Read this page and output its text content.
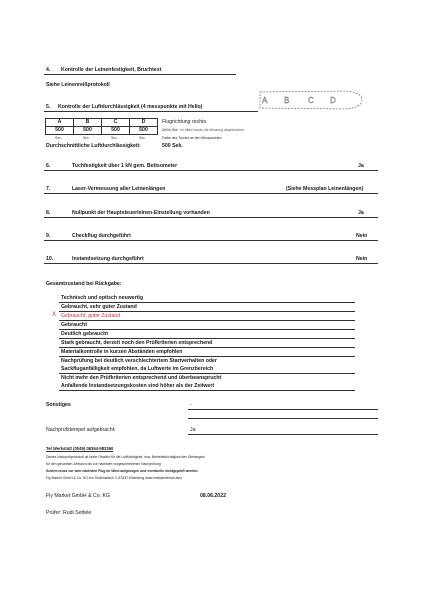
4. Kontrolle der Leinenfestigkeit, Bruchtest
Siehe Leinenreißprotokoll
A B C D
5. Kontrolle der Luftdurchlässigkeit (4 messpunkte mit Hello)
A	B	C	D
500	500	500	500
Sec.	Sec.	Sec.	Sec.
Flugrichtung rechts
Zell in Sek. Im Mittel wurde die Messung abgebrochen
Farbe des Tuches an den Messpunkten
Durchschnittliche Luftdurchlässigkeit:	500 Sek.
6.	Tuchfestigkeit über 1 kN gem. Bettsometer	Ja
7.	Laser-Vermessung aller Leinenlängen	(Siehe Messplan Leinenlängen)
8.	Nullpunkt der Hauptsteuerleinen-Einstellung vorhanden	Ja
9.	Checkflug durchgeführt	Nein
10.	Instandsetzung durchgeführt	Nein
Gesamtzustand bei Rückgabe:
X
Technisch und optisch neuwertig
Gebraucht, sehr guter Zustand
Gebraucht, guter Zustand
Gebraucht
Deutlich gebraucht
Stark gebraucht, derzeit noch den Prüfkriterien entsprechend
Materialkontrolle in kurzen Abständen empfohlen
Nachprüfung bei deutlich verschlechtertem Startverhalten oder
Sackfluganfälligkeit empfohlen, da Luftwerte im Grenzbereich
Nicht mehr den Prüfkriterien entsprechend und überbeansprucht
Anfallende Instandsetzungskosten sind höher als der Zeitwert
Sonstiges	-
Nachprüfstempel aufgebracht:	Ja
Tel Werkstatt (0049) 08364-983360
Dieses Nachprüfprotokoll ist keine Gewähr für die Luftfüchtigkeit, bzw. Betriebsbüchtigkeit des Gleitsegels
für den gesamten Zeitraum bis zur nächsten vorgeschriebenen Nachprüfung
Schirm muss vor dem nächsten Flug im Wind aufgezogen und eventuells nichtgeprüft werden.
Fly Market GmbH & Co. KG Am Schlossbach 3, 87637 Eisenberg www.independence.aero
Fly Market GmbH & Co. KG	08.06.2022
Prüfer: Rudi Settele
